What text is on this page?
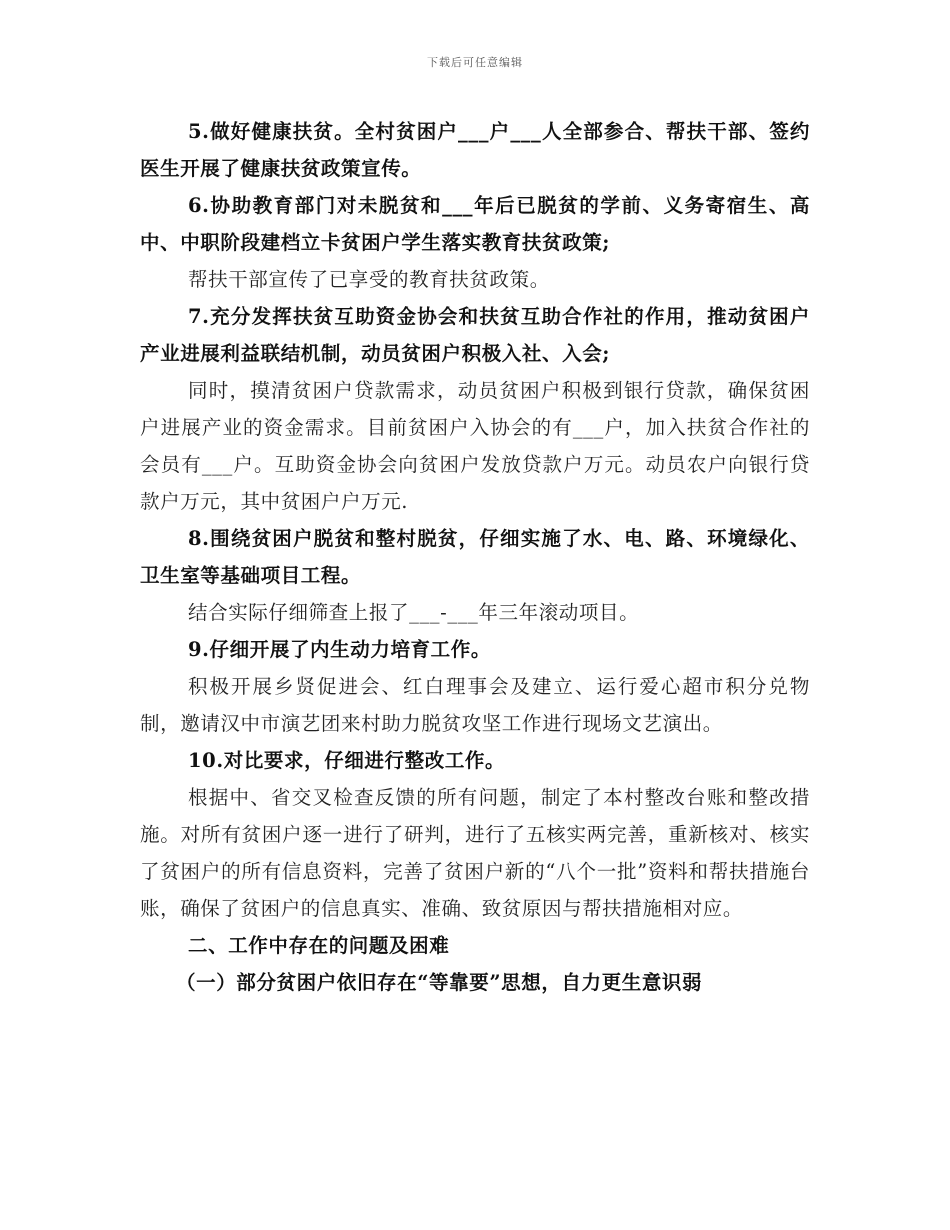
下载后可任意编辑

5.做好健康扶贫。全村贫困户___户___人全部参合、帮扶干部、签约医生开展了健康扶贫政策宣传。

6.协助教育部门对未脱贫和___年后已脱贫的学前、义务寄宿生、高中、中职阶段建档立卡贫困户学生落实教育扶贫政策;

帮扶干部宣传了已享受的教育扶贫政策。

7.充分发挥扶贫互助资金协会和扶贫互助合作社的作用，推动贫困户产业进展利益联结机制，动员贫困户积极入社、入会;

同时，摸清贫困户贷款需求，动员贫困户积极到银行贷款，确保贫困户进展产业的资金需求。目前贫困户入协会的有___户，加入扶贫合作社的会员有___户。互助资金协会向贫困户发放贷款户万元。动员农户向银行贷款户万元，其中贫困户户万元.

8.围绕贫困户脱贫和整村脱贫，仔细实施了水、电、路、环境绿化、卫生室等基础项目工程。

结合实际仔细筛查上报了___-___年三年滚动项目。

9.仔细开展了内生动力培育工作。

积极开展乡贤促进会、红白理事会及建立、运行爱心超市积分兑物制，邀请汉中市演艺团来村助力脱贫攻坚工作进行现场文艺演出。

10.对比要求，仔细进行整改工作。

根据中、省交叉检查反馈的所有问题，制定了本村整改台账和整改措施。对所有贫困户逐一进行了研判，进行了五核实两完善，重新核对、核实了贫困户的所有信息资料，完善了贫困户新的“八个一批”资料和帮扶措施台账，确保了贫困户的信息真实、准确、致贫原因与帮扶措施相对应。

二、工作中存在的问题及困难

（一）部分贫困户依旧存在“等靠要”思想，自力更生意识弱
